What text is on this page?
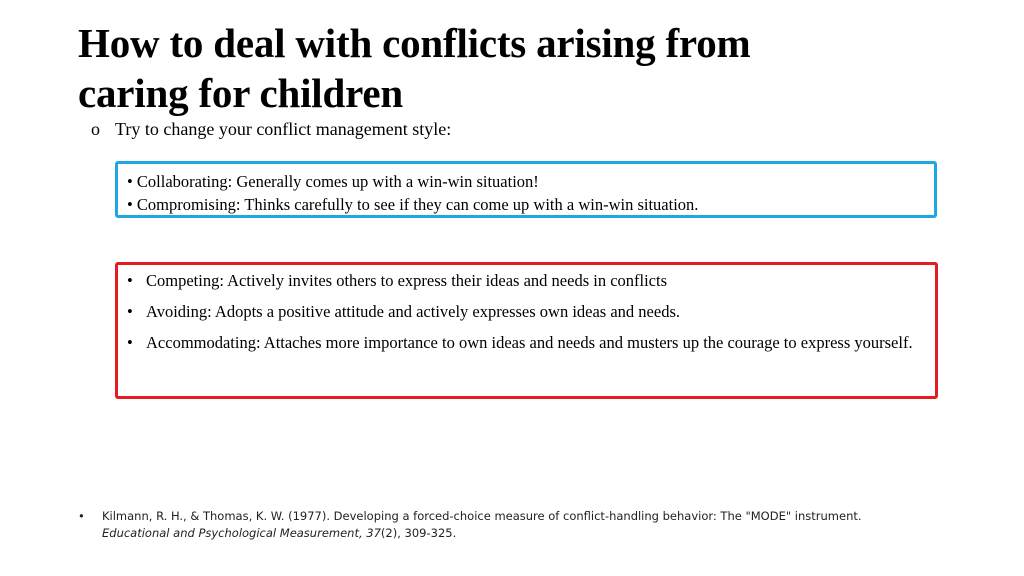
How to deal with conflicts arising from
caring for children
o Try to change your conflict management style:
• Collaborating: Generally comes up with a win-win situation!
• Compromising: Thinks carefully to see if they can come up with a win-win situation.
• Competing: Actively invites others to express their ideas and needs in conflicts
• Avoiding: Adopts a positive attitude and actively expresses own ideas and needs.
• Accommodating: Attaches more importance to own ideas and needs and musters up the courage to express yourself.
• Kilmann, R. H., & Thomas, K. W. (1977). Developing a forced-choice measure of conflict-handling behavior: The "MODE" instrument.
Educational and Psychological Measurement, 37(2), 309-325.
